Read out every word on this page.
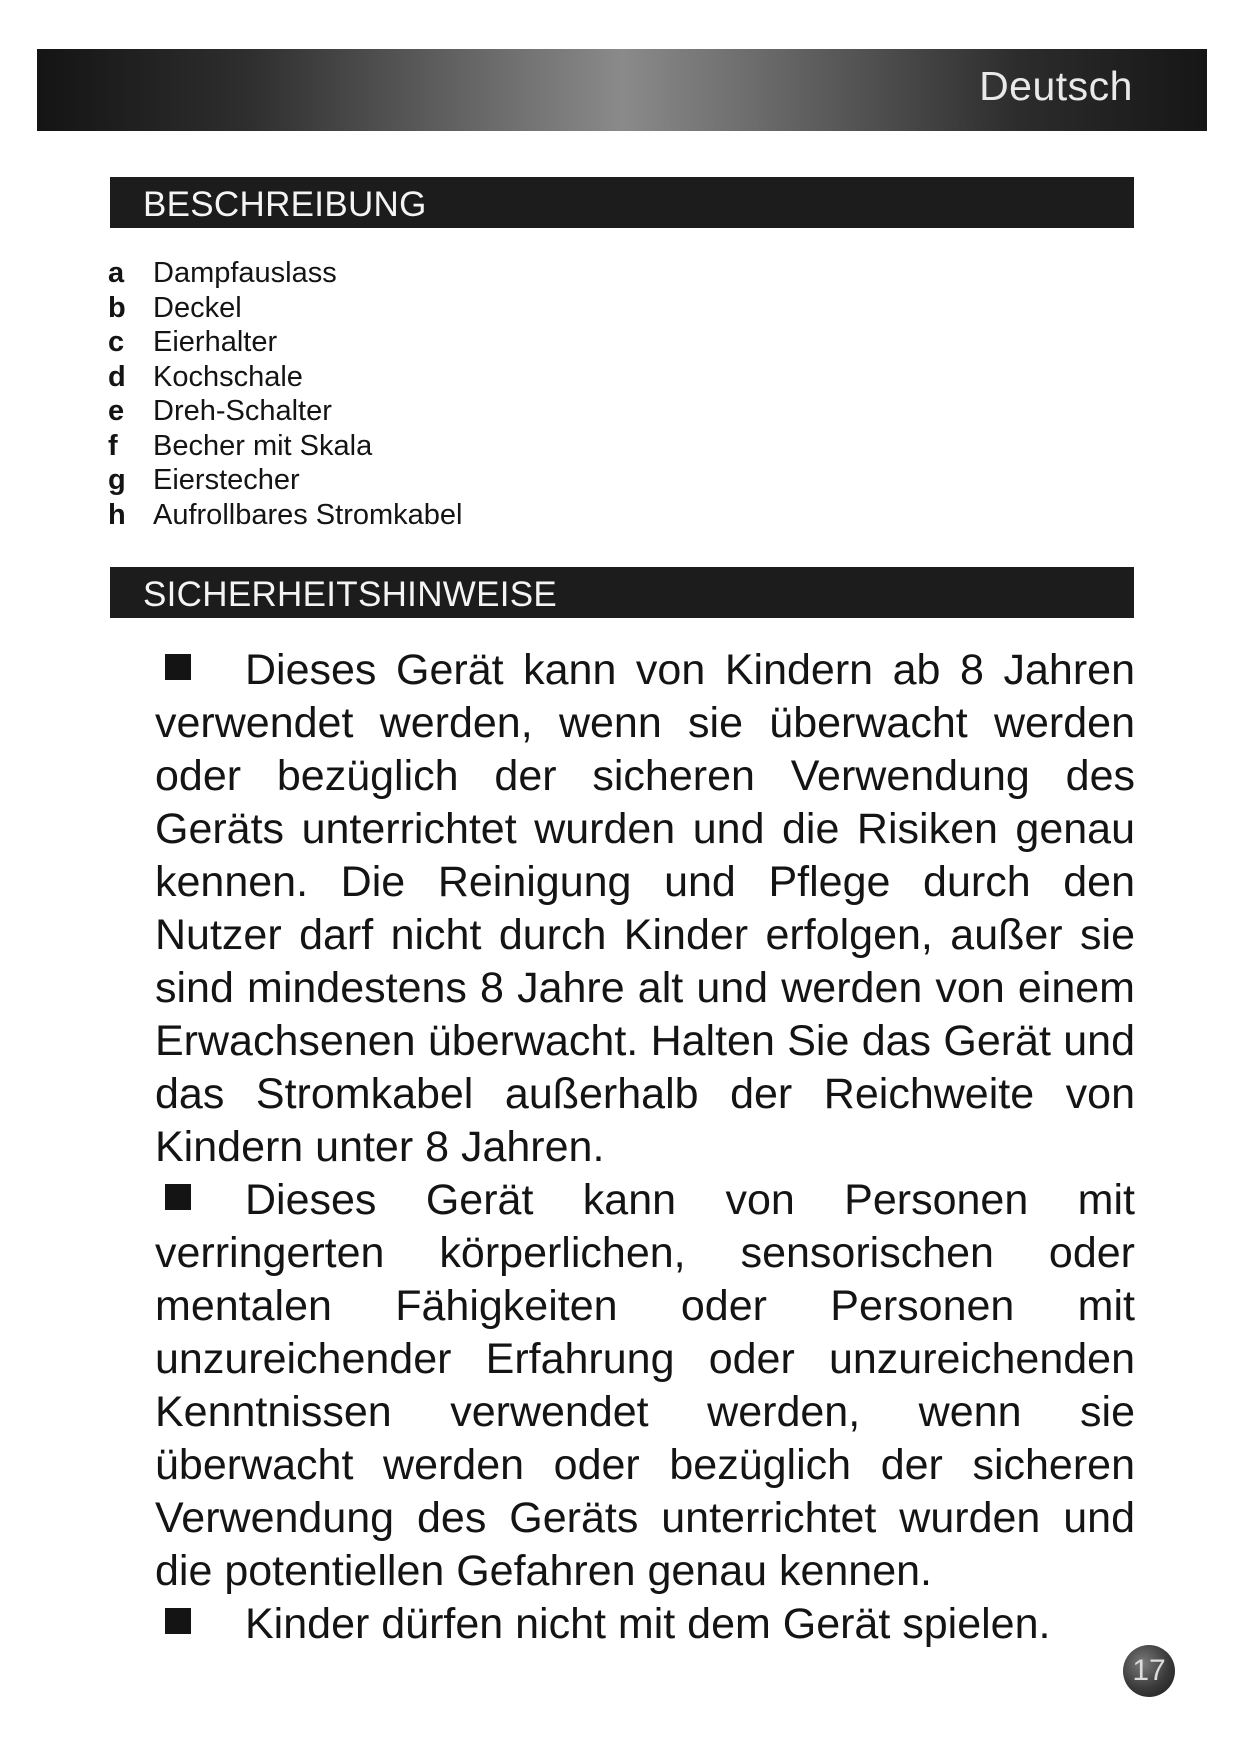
Deutsch
BESCHREIBUNG
a Dampfauslass
b Deckel
c Eierhalter
d Kochschale
e Dreh-Schalter
f Becher mit Skala
g Eierstecher
h Aufrollbares Stromkabel
SICHERHEITSHINWEISE

Dieses Gerät kann von Kindern ab 8 Jahren verwendet werden, wenn sie überwacht werden oder bezüglich der sicheren Verwendung des Geräts unterrichtet wurden und die Risiken genau kennen. Die Reinigung und Pflege durch den Nutzer darf nicht durch Kinder erfolgen, außer sie sind mindestens 8 Jahre alt und werden von einem Erwachsenen überwacht. Halten Sie das Gerät und das Stromkabel außerhalb der Reichweite von Kindern unter 8 Jahren.

Dieses Gerät kann von Personen mit verringerten körperlichen, sensorischen oder mentalen Fähigkeiten oder Personen mit unzureichender Erfahrung oder unzureichenden Kenntnissen verwendet werden, wenn sie überwacht werden oder bezüglich der sicheren Verwendung des Geräts unterrichtet wurden und die potentiellen Gefahren genau kennen.

Kinder dürfen nicht mit dem Gerät spielen.

17
